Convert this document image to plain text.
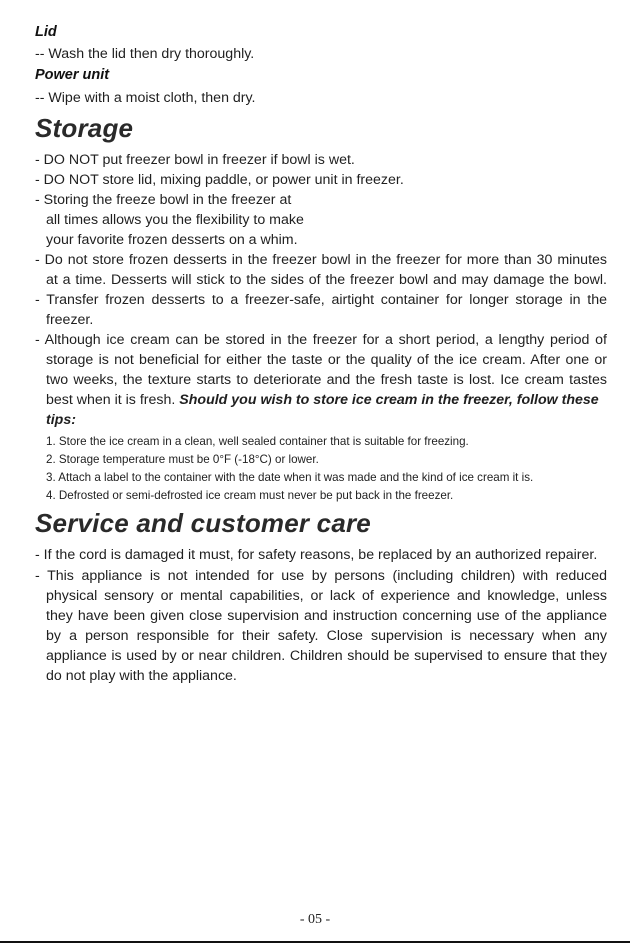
Lid
-- Wash the lid then dry thoroughly.
Power unit
-- Wipe with a moist cloth, then dry.
Storage
- DO NOT put freezer bowl in freezer if bowl is wet.
- DO NOT store lid, mixing paddle, or power unit in freezer.
- Storing the freeze bowl in the freezer at
all times allows you the flexibility to make
your favorite frozen desserts on a whim.
- Do not store frozen desserts in the freezer bowl in the freezer for more than 30 minutes
at a time. Desserts will stick to the sides of the freezer bowl and may damage the bowl.
- Transfer frozen desserts to a freezer-safe, airtight container for longer storage in the
freezer.
- Although ice cream can be stored in the freezer for a short period, a lengthy period of
storage is not beneficial for either the taste or the quality of the ice cream. After one or
two weeks, the texture starts to deteriorate and the fresh taste is lost. Ice cream tastes
best when it is fresh. Should you wish to store ice cream in the freezer, follow these
tips:
1. Store the ice cream in a clean, well sealed container that is suitable for freezing.
2. Storage temperature must be 0°F (-18°C) or lower.
3. Attach a label to the container with the date when it was made and the kind of ice cream it is.
4. Defrosted or semi-defrosted ice cream must never be put back in the freezer.
Service and customer care
- If the cord is damaged it must, for safety reasons, be replaced by an authorized repairer.
- This appliance is not intended for use by persons (including children) with reduced
physical sensory or mental capabilities, or lack of experience and knowledge, unless
they have been given close supervision and instruction concerning use of the appliance
by a person responsible for their safety. Close supervision is necessary when any
appliance is used by or near children. Children should be supervised to ensure that they
do not play with the appliance.
- 05 -
